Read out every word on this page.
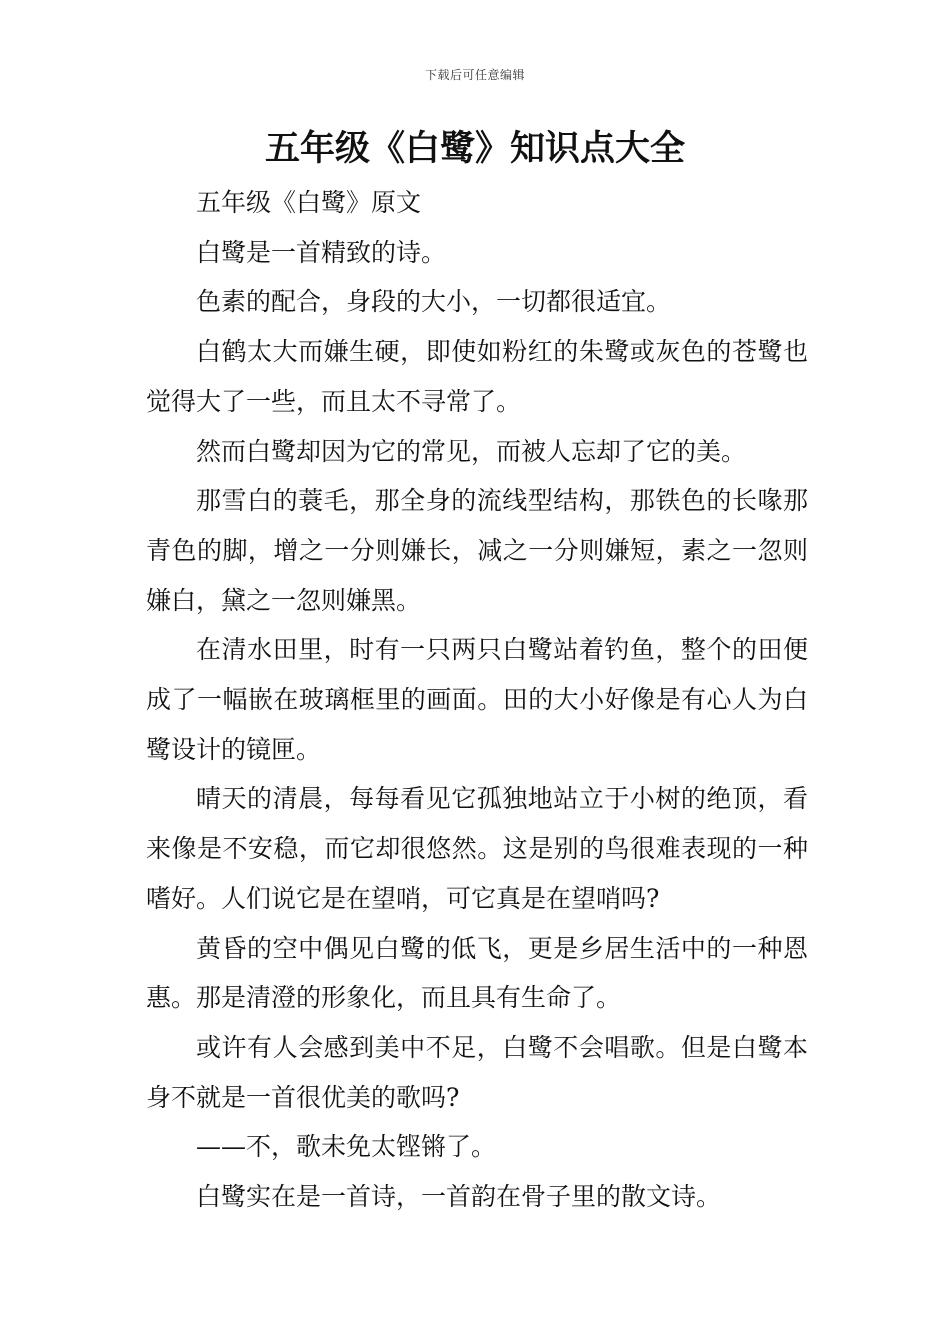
下载后可任意编辑
五年级《白鹭》知识点大全

五年级《白鹭》原文

白鹭是一首精致的诗。

色素的配合，身段的大小，一切都很适宜。

白鹤太大而嫌生硬，即使如粉红的朱鹭或灰色的苍鹭也觉得大了一些，而且太不寻常了。

然而白鹭却因为它的常见，而被人忘却了它的美。

那雪白的蓑毛，那全身的流线型结构，那铁色的长喙那青色的脚，增之一分则嫌长，减之一分则嫌短，素之一忽则嫌白，黛之一忽则嫌黑。

在清水田里，时有一只两只白鹭站着钓鱼，整个的田便成了一幅嵌在玻璃框里的画面。田的大小好像是有心人为白鹭设计的镜匣。

晴天的清晨，每每看见它孤独地站立于小树的绝顶，看来像是不安稳，而它却很悠然。这是别的鸟很难表现的一种嗜好。人们说它是在望哨，可它真是在望哨吗?

黄昏的空中偶见白鹭的低飞，更是乡居生活中的一种恩惠。那是清澄的形象化，而且具有生命了。

或许有人会感到美中不足，白鹭不会唱歌。但是白鹭本身不就是一首很优美的歌吗?

——不，歌未免太铿锵了。

白鹭实在是一首诗，一首韵在骨子里的散文诗。
